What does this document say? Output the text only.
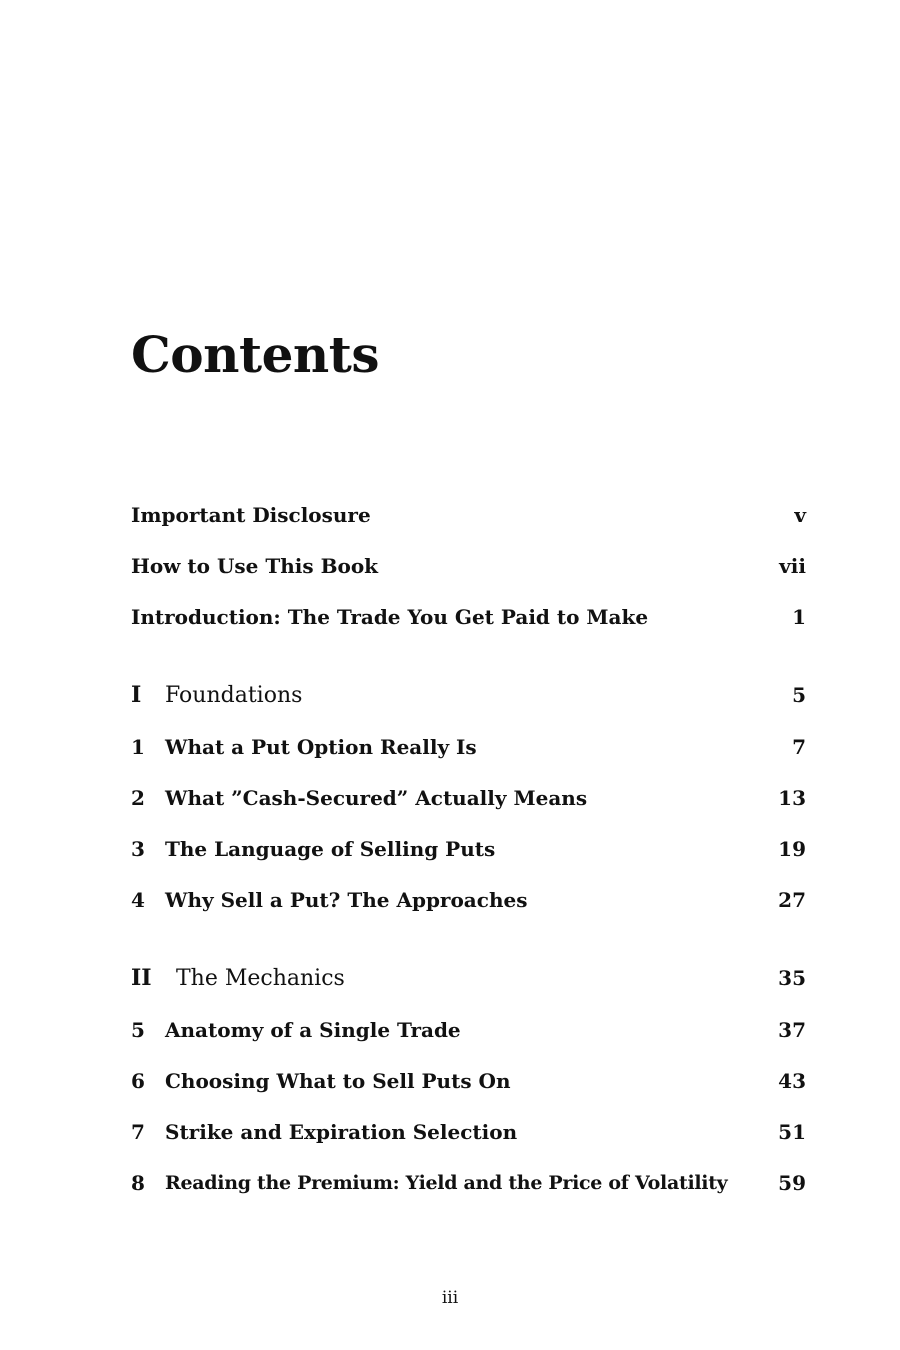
Contents
Important Disclosure	v
How to Use This Book	vii
Introduction: The Trade You Get Paid to Make	1
I	Foundations	5
1	What a Put Option Really Is	7
2	What ”Cash-Secured” Actually Means	13
3	The Language of Selling Puts	19
4	Why Sell a Put? The Approaches	27
II	The Mechanics	35
5	Anatomy of a Single Trade	37
6	Choosing What to Sell Puts On	43
7	Strike and Expiration Selection	51
8	Reading the Premium: Yield and the Price of Volatility	59
iii
